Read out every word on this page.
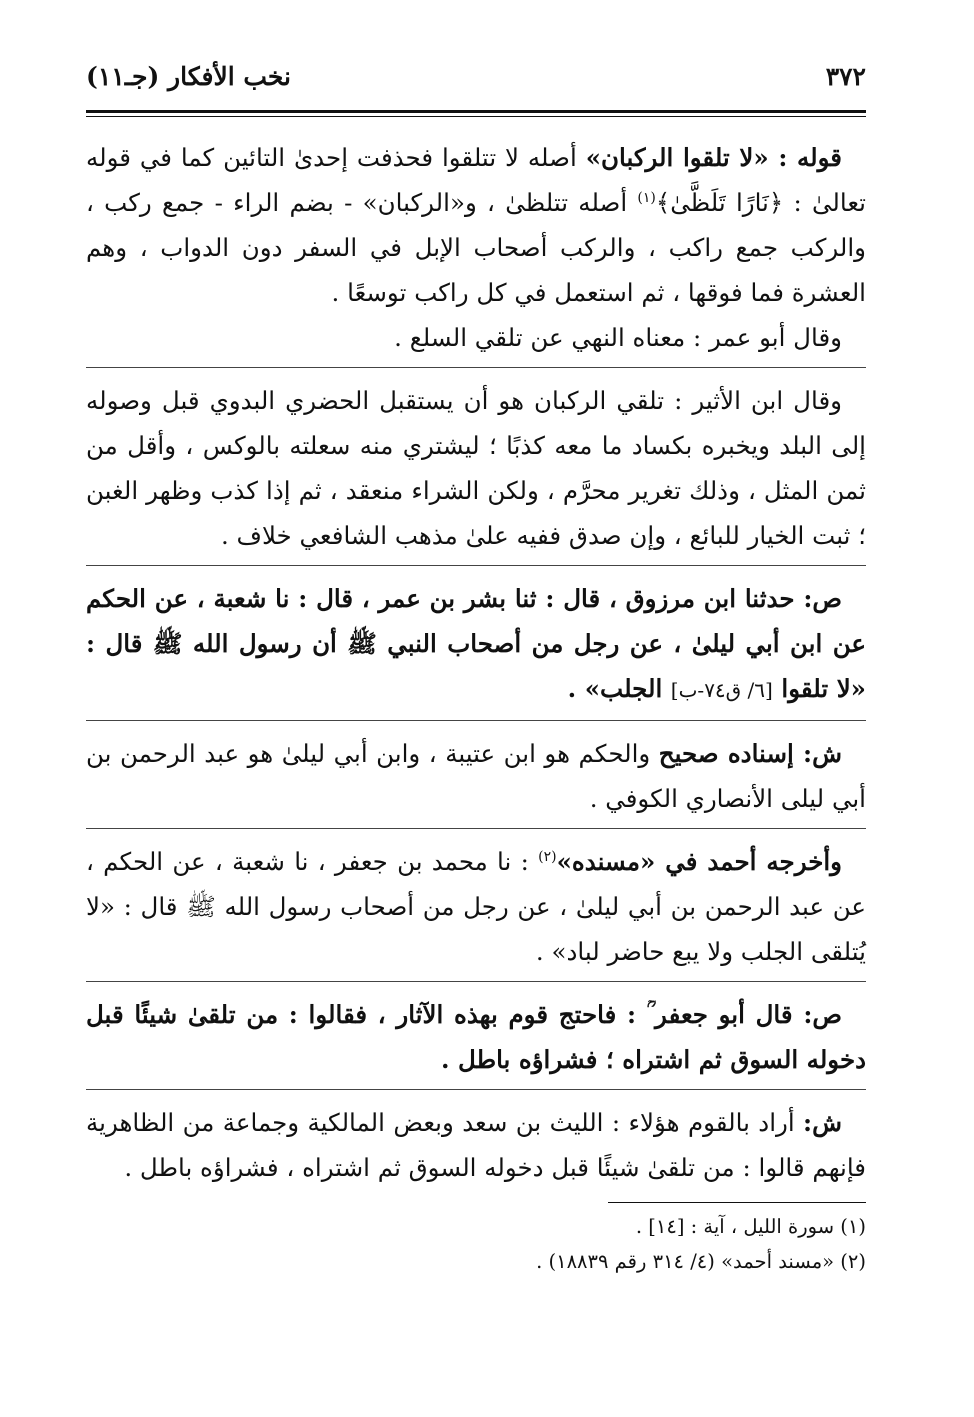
٣٧٢
نخب الأفكار (جـ١١)

قوله : «لا تلقوا الركبان» أصله لا تتلقوا فحذفت إحدىٰ التائين كما في قوله تعالىٰ : ﴿نَارًا تَلَظَّىٰ﴾$^{(١)}$ أصله تتلظىٰ ، و«الركبان» - بضم الراء - جمع ركب ، والركب جمع راكب ، والركب أصحاب الإبل في السفر دون الدواب ، وهم العشرة فما فوقها ، ثم استعمل في كل راكب توسعًا .

وقال أبو عمر : معناه النهي عن تلقي السلع .

وقال ابن الأثير : تلقي الركبان هو أن يستقبل الحضري البدوي قبل وصوله إلى البلد ويخبره بكساد ما معه كذبًا ؛ ليشتري منه سعلته بالوكس ، وأقل من ثمن المثل ، وذلك تغرير محرَّم ، ولكن الشراء منعقد ، ثم إذا كذب وظهر الغبن ؛ ثبت الخيار للبائع ، وإن صدق ففيه علىٰ مذهب الشافعي خلاف .

ص: حدثنا ابن مرزوق ، قال : ثنا بشر بن عمر ، قال : نا شعبة ، عن الحكم عن ابن أبي ليلىٰ ، عن رجل من أصحاب النبي ﷺ أن رسول الله ﷺ قال : «لا تلقوا [٦/ ق٧٤-ب] الجلب» .

ش: إسناده صحيح والحكم هو ابن عتيبة ، وابن أبي ليلىٰ هو عبد الرحمن بن أبي ليلى الأنصاري الكوفي .

وأخرجه أحمد في «مسنده»$^{(٢)}$ : نا محمد بن جعفر ، نا شعبة ، عن الحكم ، عن عبد الرحمن بن أبي ليلىٰ ، عن رجل من أصحاب رسول الله ﷺ قال : «لا يُتلقى الجلب ولا يبع حاضر لباد» .

ص: قال أبو جعفر ؒ : فاحتج قوم بهذه الآثار ، فقالوا : من تلقىٰ شيئًا قبل دخوله السوق ثم اشتراه ؛ فشراؤه باطل .

ش: أراد بالقوم هؤلاء : الليث بن سعد وبعض المالكية وجماعة من الظاهرية فإنهم قالوا : من تلقىٰ شيئًا قبل دخوله السوق ثم اشتراه ، فشراؤه باطل .

(١) سورة الليل ، آية : [١٤] .

(٢) «مسند أحمد» (٤/ ٣١٤ رقم ١٨٨٣٩) .
